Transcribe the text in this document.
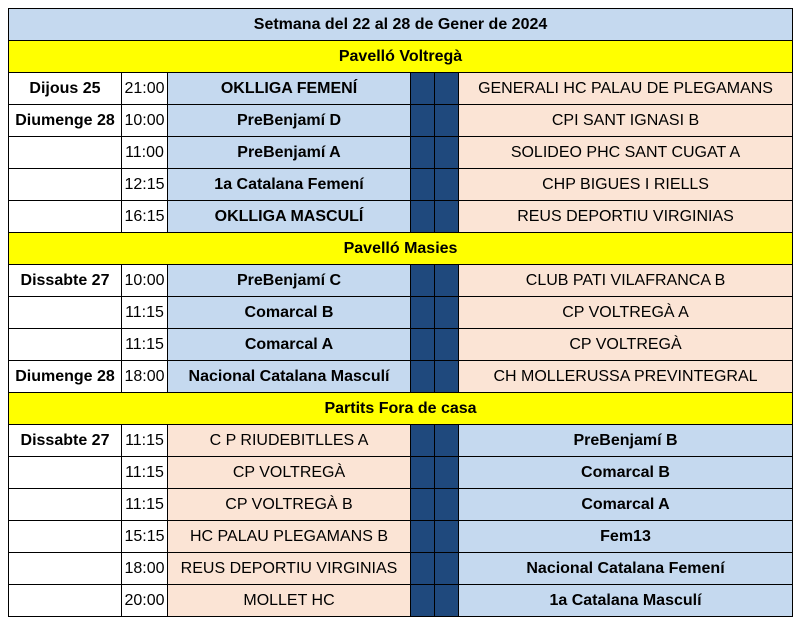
Setmana del 22 al 28 de Gener de 2024					
Pavelló Voltregà					
Dijous 25	21:00	OKLLIGA FEMENÍ			GENERALI HC PALAU DE PLEGAMANS
Diumenge 28	10:00	PreBenjamí D			CPI SANT IGNASI B
	11:00	PreBenjamí A			SOLIDEO PHC SANT CUGAT A
	12:15	1a Catalana Femení			CHP BIGUES I RIELLS
	16:15	OKLLIGA MASCULÍ			REUS DEPORTIU VIRGINIAS
Pavelló Masies					
Dissabte 27	10:00	PreBenjamí C			CLUB PATI VILAFRANCA B
	11:15	Comarcal B			CP VOLTREGÀ A
	11:15	Comarcal A			CP VOLTREGÀ
Diumenge 28	18:00	Nacional Catalana Masculí			CH MOLLERUSSA PREVINTEGRAL
Partits Fora de casa					
Dissabte 27	11:15	C P RIUDEBITLLES A			PreBenjamí B
	11:15	CP VOLTREGÀ			Comarcal B
	11:15	CP VOLTREGÀ B			Comarcal A
	15:15	HC PALAU PLEGAMANS B			Fem13
	18:00	REUS DEPORTIU VIRGINIAS			Nacional Catalana Femení
	20:00	MOLLET HC			1a Catalana Masculí
